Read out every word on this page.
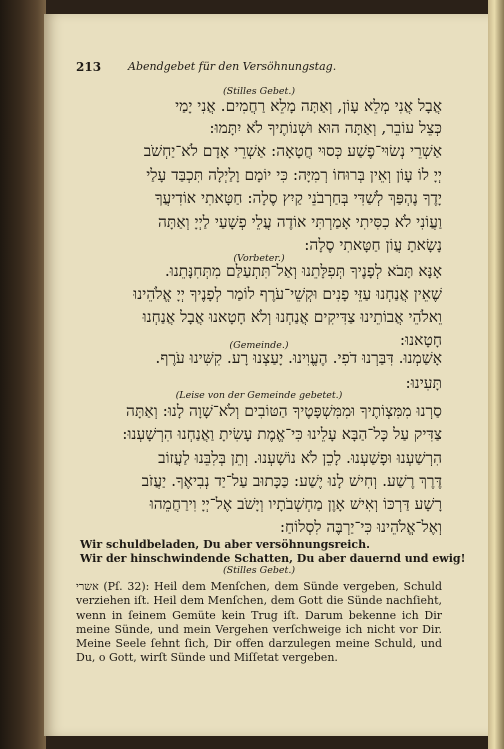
213 Abendgebet für den Versöhnungstag.
(Stilles Gebet.)
אֲבָל אֲנִי מְלֵא עָוֹן, וְאַתָּה מָלֵא רַחֲמִים. אֲנִי יָמַי
כְּצֵל עוֹבֵר, וְאַתָּה הוּא וּשְׁנוֹתֶיךָ לֹא יִתָּמוּ:
אַשְׁרֵי נְשׂוּי־פֶשַׁע כְּסוּי חֲטָאָה: אַשְׁרֵי אָדָם לֹא־יַחְשֹׁב
יְיָ לוֹ עָוֹן וְאֵין בְּרוּחוֹ רְמִיָּה: כִּי יוֹמָם וָלַיְלָה תִּכְבַּד עָלַי
יָדֶךָ נֶהְפַּךְ לְשַׁדִּי בְּחַרְבֹנֵי קַיִץ סֶלָה: חַטָּאתִי אוֹדִיעֲךָ
וַעֲוֹנִי לֹא כִסִּיתִי אָמַרְתִּי אוֹדֶה עֲלֵי פְשָׁעַי לַיְיָ וְאַתָּה
נָשָׂאתָ עֲוֹן חַטָּאתִי סֶלָה:
(Vorbeter.)
אָנָּא תָּבֹא לְפָנֶיךָ תְּפִלָּתֵנוּ וְאַל־תִּתְעַלַּם מִתְּחִנָּתֵנוּ.
שֶׁאֵין אֲנַחְנוּ עַזֵּי פָנִים וּקְשֵׁי־עֹרֶף לוֹמַר לְפָנֶיךָ יְיָ אֱלֹהֵינוּ
וֵאלֹהֵי אֲבוֹתֵינוּ צַדִּיקִים אֲנַחְנוּ וְלֹא חָטָאנוּ אֲבָל אֲנַחְנוּ
חָטָאנוּ:
(Gemeinde.)
אָשַׁמְנוּ. דִּבַּרְנוּ דֹפִי. הֶעֱוִינוּ. יָעַצְנוּ רָע. קִשִּׁינוּ עֹרֶף.
תָּעִינוּ:
(Leise von der Gemeinde gebetet.)
סַרְנוּ מִמִּצְוֹתֶיךָ וּמִמִּשְׁפָּטֶיךָ הַטּוֹבִים וְלֹא־שָׁוָה לָנוּ: וְאַתָּה
צַדִּיק עַל כָּל־הַבָּא עָלֵינוּ כִּי־אֱמֶת עָשִׂיתָ וַאֲנַחְנוּ הִרְשָׁעְנוּ:
הִרְשַׁעְנוּ וּפָשַׁעְנוּ. לָכֵן לֹא נוֹשָׁעְנוּ. וְתֵן בְּלִבֵּנוּ לַעֲזוֹב
דֶּרֶךְ רֶשַׁע. וְחִישׁ לָנוּ יֶשַׁע: כַּכָּתוּב עַל־יַד נְבִיאֶךָ. יַעֲזֹב
רָשָׁע דַּרְכּוֹ וְאִישׁ אָוֶן מַחְשְׁבֹתָיו וְיָשֹׁב אֶל־יְיָ וִירַחֲמֵהוּ
וְאֶל־אֱלֹהֵינוּ כִּי־יַרְבֶּה לִסְלוֹחַ:
Wir schuldbeladen, Du aber versöhnungsreich.
Wir der hinschwindende Schatten, Du aber dauernd und ewig!
(Stilles Gebet.)
אשרי (Pſ. 32): Heil dem Menſchen, dem Sünde vergeben, Schuld verziehen iſt. Heil dem Menſchen, dem Gott die Sünde nachſieht, wenn in ſeinem Gemüte kein Trug iſt. Darum bekenne ich Dir meine Sünde, und mein Vergehen verſchweige ich nicht vor Dir. Meine Seele ſehnt ſich, Dir offen darzulegen meine Schuld, und Du, o Gott, wirſt Sünde und Miſſetat vergeben.
